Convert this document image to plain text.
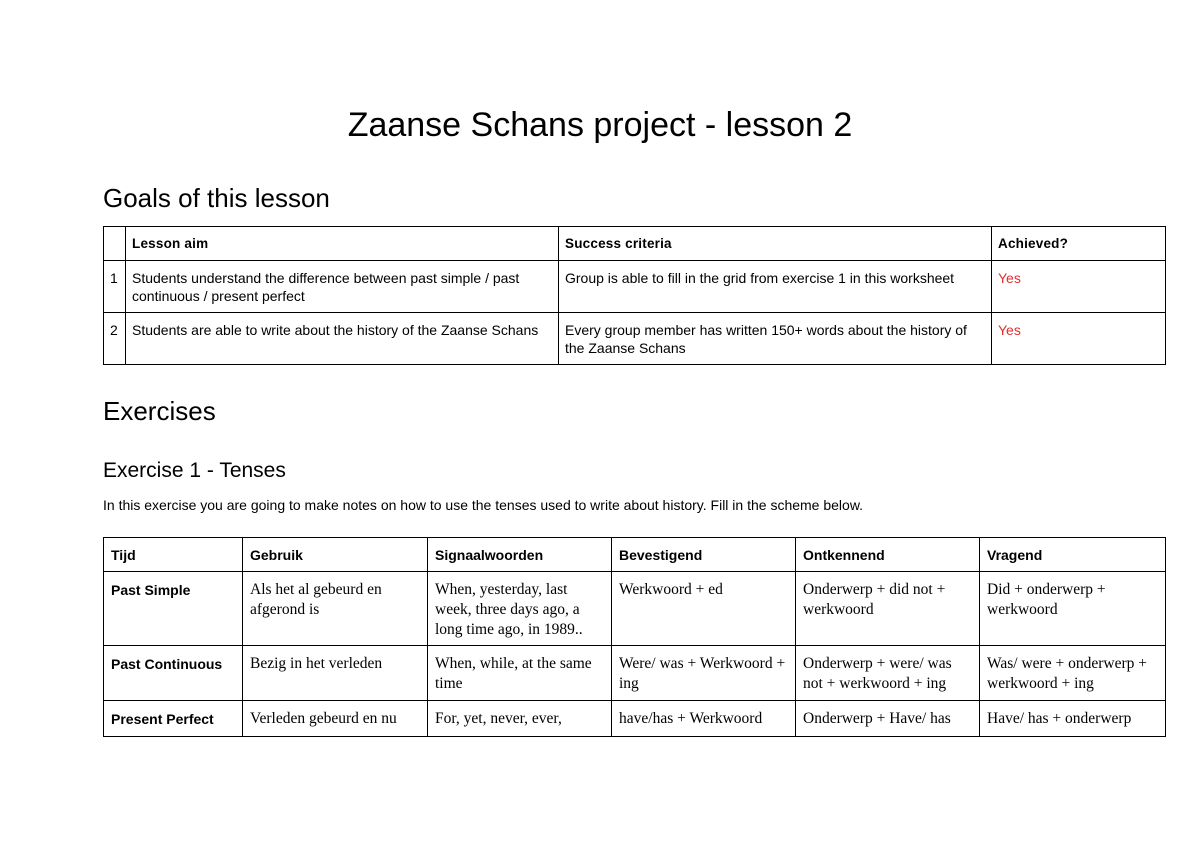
Zaanse Schans project - lesson 2
Goals of this lesson
	Lesson aim	Success criteria	Achieved?
1	Students understand the difference between past simple / past continuous / present perfect	Group is able to fill in the grid from exercise 1 in this worksheet	Yes
2	Students are able to write about the history of the Zaanse Schans	Every group member has written 150+ words about the history of the Zaanse Schans	Yes
Exercises
Exercise 1 - Tenses

In this exercise you are going to make notes on how to use the tenses used to write about history. Fill in the scheme below.

Tijd	Gebruik	Signaalwoorden	Bevestigend	Ontkennend	Vragend
Past Simple	Als het al gebeurd en afgerond is	When, yesterday, last week, three days ago, a long time ago, in 1989..	Werkwoord + ed	Onderwerp + did not + werkwoord	Did + onderwerp + werkwoord
Past Continuous	Bezig in het verleden	When, while, at the same time	Were/ was + Werkwoord + ing	Onderwerp + were/ was not + werkwoord + ing	Was/ were + onderwerp + werkwoord + ing
Present Perfect	Verleden gebeurd en nu	For, yet, never, ever,	have/has + Werkwoord	Onderwerp + Have/ has	Have/ has + onderwerp
